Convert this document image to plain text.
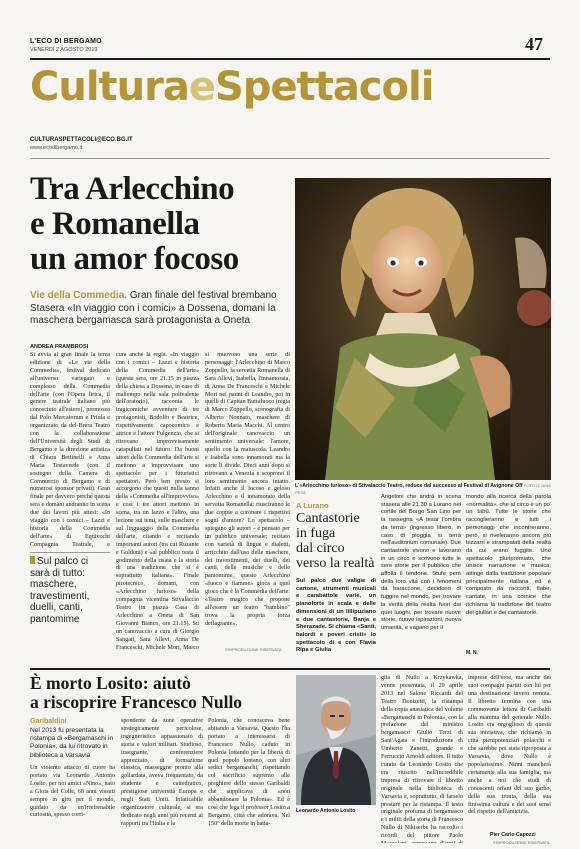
L'ECO DI BERGAMO
VENERDÌ 2 AGOSTO 2019	47
CulturaeSpettacoli
CULTURASPETTACOLI@ECO.BG.IT
www.ecodibergamo.it
Tra Arlecchino
e Romanella
un amor focoso
Vie della Commedia. Gran finale del festival brembano Stasera «In viaggio con i comici» a Dossena, domani la maschera bergamasca sarà protagonista a Oneta
ANDREA FRAMBROSI

Si avvia al gran finale la terza edizione di «Le vie della Commedia», festival dedicato all'universo variegato e complesso della Commedia dell'arte (con l'Opera lirica, il genere teatrale italiano più conosciuto all'estero), promosso dal Polo Mercatorum e Priula e organizzato da del-Brera Teatro con la collaborazione dell'Università degli Studi di Bergamo e la direzione artistica di Chiara Bettinelli e Anna Maria Testaverde (con il sostegno della Camera di Commercio di Bergamo e di numerosi sponsor privati). Gran finale per davvero perché questa sera e domani andranno in scena due dei lavori più attesi: «In viaggio con i comici – Lazzi e historia della Commedia dell'arte» di Equivochi Compagnia Teatrale, e

Sul palco ci sarà di tutto: maschere, travestimenti, duelli, canti, pantomime

cura anche la regia. «In viaggio con i comici – Lazzi e historia della Commedia dell'arte» (questa sera, ore 21.15 in piazza della chiesa a Dossena, in caso di maltempo nella sala polivalente dell'oratorio), racconta le tragicomiche avventure di tre protagonisti, Bodolfo e Beatrice, rispettivamente capocomico e attrice e l'attore Fulgenzio, che si ritrovano improvvisamente catapultati nel futuro. Da buoni attori della Commedia dell'arte si mettono a improvvisare uno spettacolo per i futuristici spettatori. Però ben presto si accorgono che questi nulla sanno della «Commedia all'improvviso» e così i tre attori mettono in scena, tra un lazzo e l'altro, una lezione sui temi, sulle maschere e sul linguaggio della Commedia dell'arte, citando e recitando importanti autori (tra cui Ruzante e Goldoni) e «al pubblico resta il godimento della risata e la storia di una tradizione che si è soprattutto italiana». Finale pirotecnico, domani, con «Arlecchino furioso» della compagnia vicentina Stivalaccio Teatro (in piazza Casa di Arlecchino a Oneta di San Giovanni Bianco, ore 21.15). Su un canovaccio a cura di Giorgio Sangati, Sara Allevi, Anna De Franceschi, Michele Mori, Marco

si muovono una serie di personaggi: l'Arlecchino di Marco Zoppello, la servetta Romanella di Sara Allevi, Isabella, l'innamorata, di Anna De Franceschi e Michele Mori nei panni di Leandro, poi in quelli di Capitan Buttafuoco (regia di Marco Zoppello, scenografia di Alberto Nonnato, maschere di Roberto Maria Macchi. Al centro dell'originale canovaccio un sentimento universale: l'amore, quello con la maiuscola. Leandro e Isabella sono innamorati ma la sorte li divide. Dieci anni dopo si ritrovano a Venezia e scoprono il loro sentimento ancora intatto. Infatti anche il focoso e geloso Arlecchino e il innamorato della servetta Romanella: riusciranno le due coppie a coronare i rispettivi sogni d'amore? Lo spettacolo – spiegano gli autori – è pensato per un pubblico universale; recitato con varietà di lingue e dialetti, arricchito dall'uso delle maschere, dei travestimenti, dei duelli, dei canti, delle musiche e delle pantomime, questo Arlecchino «fuoco e fiamme» gioca a quel gioco che è la Commedia dell'arte: «Teatro magico che propone all'essere un teatro "bambino" trova la propria forza deflagrante».

©RIPRODUZIONE RISERVATA
L'«Arlecchino furioso» di Stivalaccio Teatro, reduce dal successo al Festival di Avignone Off FOTO DI NINA PESA
A Lurano
Cantastorie
in fuga
dal circo
verso la realtà
Sul palco due valigie di cartone, strumenti musicali e carabattole varie, un pianoforte in scala e delle dimensioni di un lillipuziano e due cantastorie, Banja e Sherazade. Si chiama «Santi, balordi e poveri cristi» lo spettacolo di e con Flavia Ripa e Giulia

Angeloni che andrà in scena stasera alle 21.30 a Lurano nel cortile del Borgo San Lino per la rassegna «A tesar l'ombra da terra» (ingresso libero, in caso di pioggia si terrà nell'auditorium comunale). Due cantastorie vivono e lavorano in un circo e scrivono tutte le sere storie per il pubblico che affolla il tendone. Stufe però della loro vita con i fenomeni da baraccone, decidono di fuggire nel mondo, per trovare la verità della realtà fuori dai quei luoghi, per trovare nuove storie, nuove ispirazioni, nuova umanità, e vagano per il

mondo alla ricerca della parola «normalità», che al circo è un po' un tabù. Tutte le storie che raccoglieranno e tutti i personaggi che incontreranno, però, si riveleranno ancora più bizzarri e strampalati della realtà da cui erano fuggite. Uno spettacolo pluripremiato, che unisce narrazione e musica; attinge dalla tradizione popolare principalmente italiana ed è composto da racconti, fiabe, cantate, in una cornice che richiama la tradizione del teatro dei giullari e dei cantastorie.

M. N.
È morto Losito: aiutò
a riscoprire Francesco Nullo
Garibaldini
Nel 2013 fu presentata la ristampa di «Bergamaschi in Polonia», da lui ritrovato in biblioteca a Varsavia

Un violento attacco di cuore ha portato via Leonardo Antonio Losito, per noi amici «Nino», nato a Gioia del Colle, 68 anni vissuti sempre in giro per il mondo, guidato da un'irrefrenabile curiosità, spesso corri-

spondente da zone operative strategicamente pericolose, ingegneristico appassionato di storia e valori militari. Studioso, insegnante, conferenziere apprezzato, di formazione classica, masseggne pronto alla goliardata, aveva frequentato, da studente e cattedratico, prestigiose università Europa e negli Stati Uniti. Infaticabile organizzatore culturale, si era dedicato negli anni più recenti ai rapporti tra l'Italia e la

Polonia, che conosceva bene abitando a Varsavia. Questo l'ha portato a interessarsi di Francesco Nullo, caduto in Polonia lottando per la libertà di quel popolo lontano, con altri sedici bergamaschi, rispettando col sacrificio supremo alle preghiere dello stesso Garibaldi che supplicava di «non abbandonare la Polonia». Ed è così che lega il professor Losito a Bergamo, città che adorava. Nel 150° della morte in batta-

Leonardo Antonio Losito

glia di Nullo a Krzykawka, venne presentata, il 29 aprile 2013 nel Salone Riccardi del Teatro Donizetti, la ristampa della copia anastatica del volume «Bergamaschi in Polonia», con la prefazione del ministro bergamasco Giulio Terzi di Sant'Agata e l'introduzione di Umberto Zanetti, grande e Ferruccio Arnoldi editore. Il tutto curato da Leonardo Losito che era riuscito nell'incredibile impresa di ritrovare il libretto originale nella biblioteca di Varsavia e, soprattutto, di farselo prestare per la ristampa. Il testo originale profuma di bergamasco e i militi della storia di Francesco Nullo di Nikiserbe ha raccolto i ricordi del pittore Paolo

imprese dell'eroe, ma anche dei suoi compagni partiti con lui per una destinazione invero remota. Il libretto termina con una commovente lettera di Garibaldi alla mamma del generale Nullo. Losito era orgoglioso di questa sua iniziativa, che richiamò in città pienipotenziari polacchi e che sarebbe poi stata riproposta a Varsavia, dove Nullo è popolarissimo. Ninni mancherà certamente alla sua famiglia, ma anche a noi che studi di conoscenti orfani del suo garbo, della sua ironia, della sua finissima cultura e dei suoi sensi del rispetto dell'amicizia.

Pier Carlo Capozzi
©RIPRODUZIONE RISERVATA
